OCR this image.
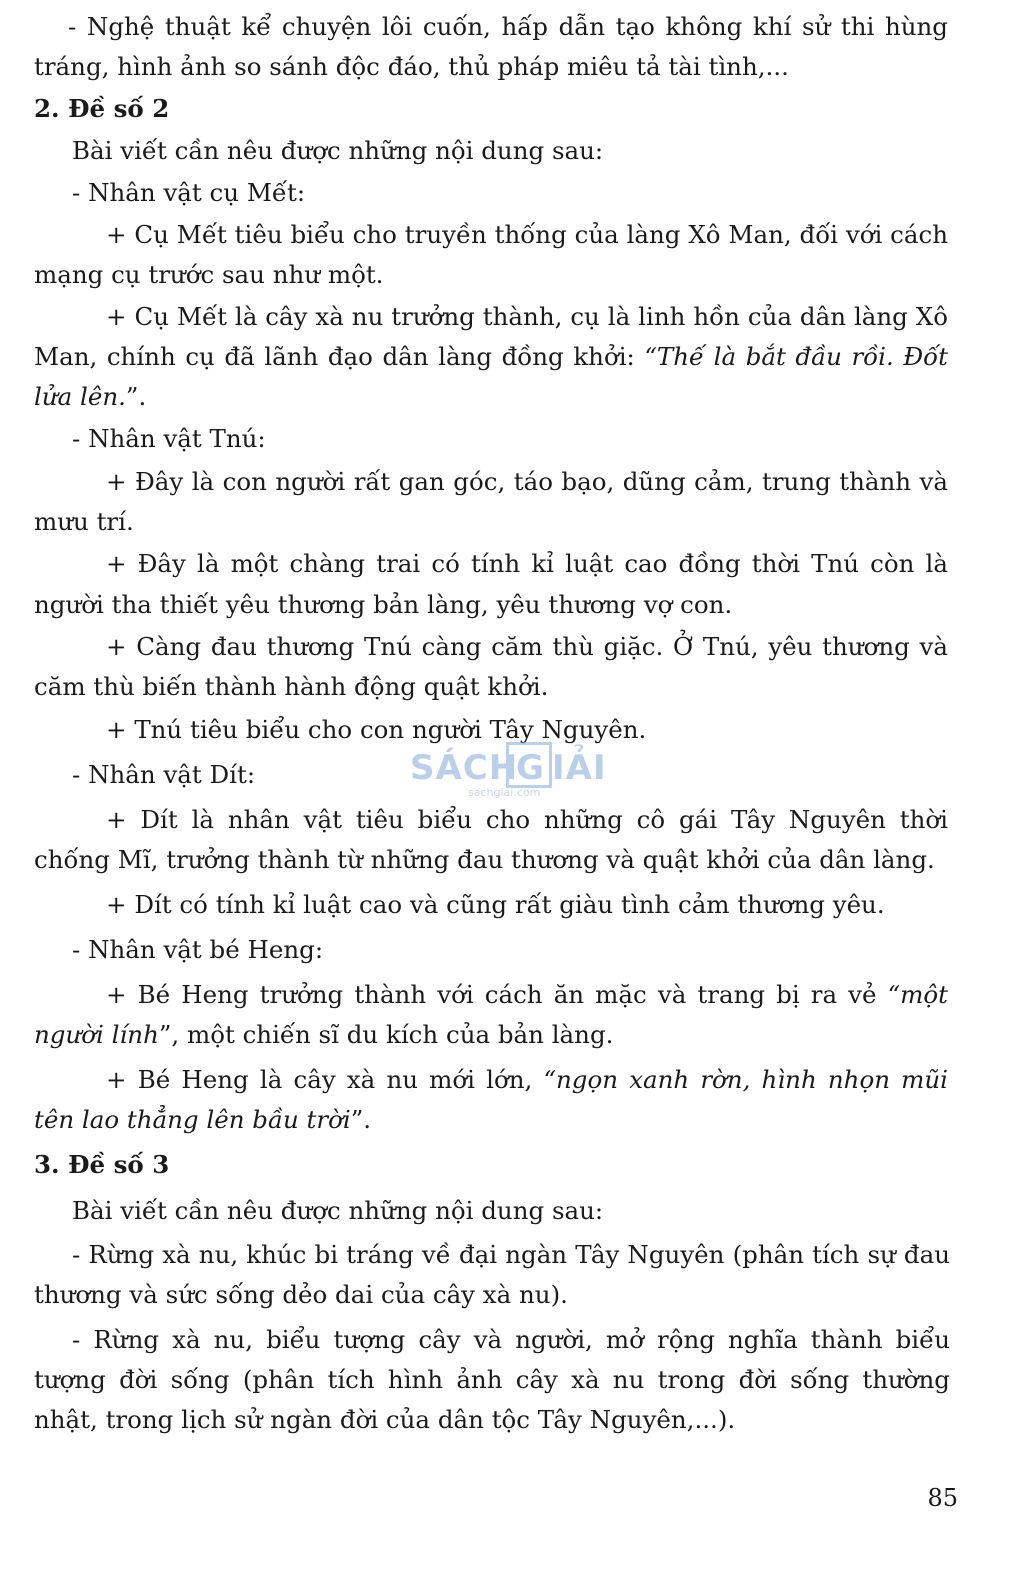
- Nghệ thuật kể chuyện lôi cuốn, hấp dẫn tạo không khí sử thi hùng
tráng, hình ảnh so sánh độc đáo, thủ pháp miêu tả tài tình,...
2. Đề số 2
Bài viết cần nêu được những nội dung sau:
- Nhân vật cụ Mết:
+ Cụ Mết tiêu biểu cho truyền thống của làng Xô Man, đối với cách
mạng cụ trước sau như một.
+ Cụ Mết là cây xà nu trưởng thành, cụ là linh hồn của dân làng Xô
Man, chính cụ đã lãnh đạo dân làng đồng khởi: “Thế là bắt đầu rồi. Đốt
lửa lên.”.
- Nhân vật Tnú:
+ Đây là con người rất gan góc, táo bạo, dũng cảm, trung thành và
mưu trí.
+ Đây là một chàng trai có tính kỉ luật cao đồng thời Tnú còn là
người tha thiết yêu thương bản làng, yêu thương vợ con.
+ Càng đau thương Tnú càng căm thù giặc. Ở Tnú, yêu thương và
căm thù biến thành hành động quật khởi.
+ Tnú tiêu biểu cho con người Tây Nguyên.
- Nhân vật Dít:
+ Dít là nhân vật tiêu biểu cho những cô gái Tây Nguyên thời
chống Mĩ, trưởng thành từ những đau thương và quật khởi của dân làng.
+ Dít có tính kỉ luật cao và cũng rất giàu tình cảm thương yêu.
- Nhân vật bé Heng:
+ Bé Heng trưởng thành với cách ăn mặc và trang bị ra vẻ “một
người lính”, một chiến sĩ du kích của bản làng.
+ Bé Heng là cây xà nu mới lớn, “ngọn xanh rờn, hình nhọn mũi
tên lao thẳng lên bầu trời”.
3. Đề số 3
Bài viết cần nêu được những nội dung sau:
- Rừng xà nu, khúc bi tráng về đại ngàn Tây Nguyên (phân tích sự đau
thương và sức sống dẻo dai của cây xà nu).
- Rừng xà nu, biểu tượng cây và người, mở rộng nghĩa thành biểu
tượng đời sống (phân tích hình ảnh cây xà nu trong đời sống thường
nhật, trong lịch sử ngàn đời của dân tộc Tây Nguyên,...).
SÁCH
G IẢI
sachgiai.com
85
